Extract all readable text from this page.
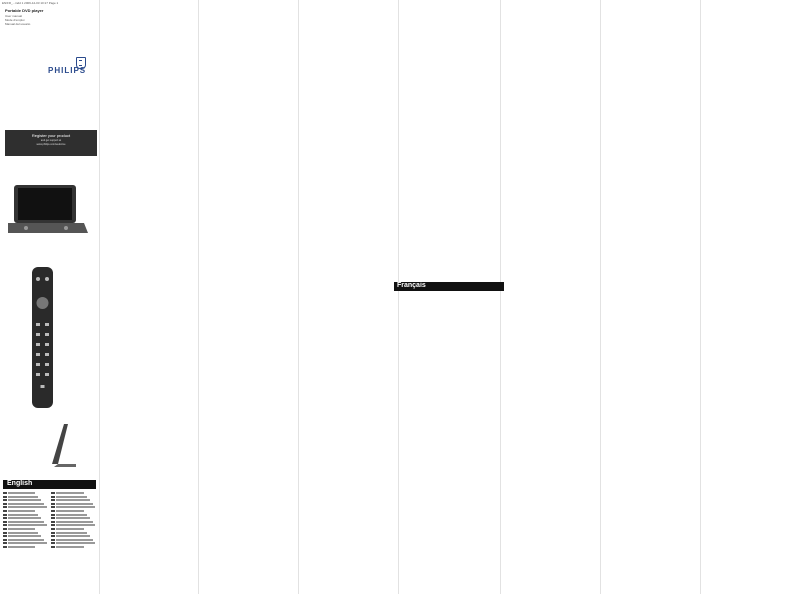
EN/FR_...indd 1 2009-12-03 10:17 Page 1
Portable DVD player
User manual
Mode d'emploi
Manual del usuario
PHILIPS
Register your product
and get support at
www.philips.com/welcome
English
Français
